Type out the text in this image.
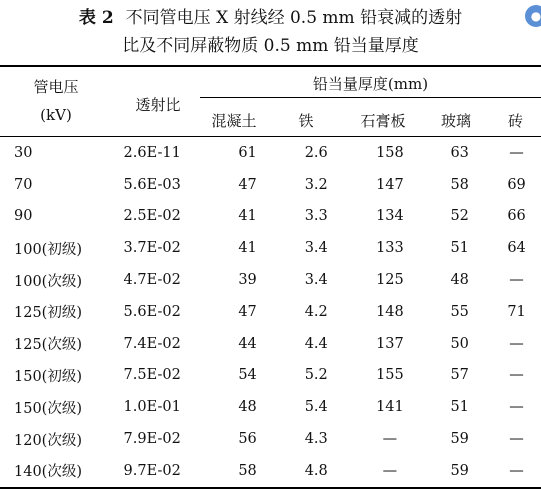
表 2 不同管电压 X 射线经 0.5 mm 铅衰减的透射
比及不同屏蔽物质 0.5 mm 铅当量厚度
●
管电压
(kV)
透射比
铅当量厚度(mm)
混凝土	铁	石膏板	玻璃	砖
30	2.6E-11	61	2.6	158	63	—
70	5.6E-03	47	3.2	147	58	69
90	2.5E-02	41	3.3	134	52	66
100(初级)	3.7E-02	41	3.4	133	51	64
100(次级)	4.7E-02	39	3.4	125	48	—
125(初级)	5.6E-02	47	4.2	148	55	71
125(次级)	7.4E-02	44	4.4	137	50	—
150(初级)	7.5E-02	54	5.2	155	57	—
150(次级)	1.0E-01	48	5.4	141	51	—
120(次级)	7.9E-02	56	4.3	—	59	—
140(次级)	9.7E-02	58	4.8	—	59	—
